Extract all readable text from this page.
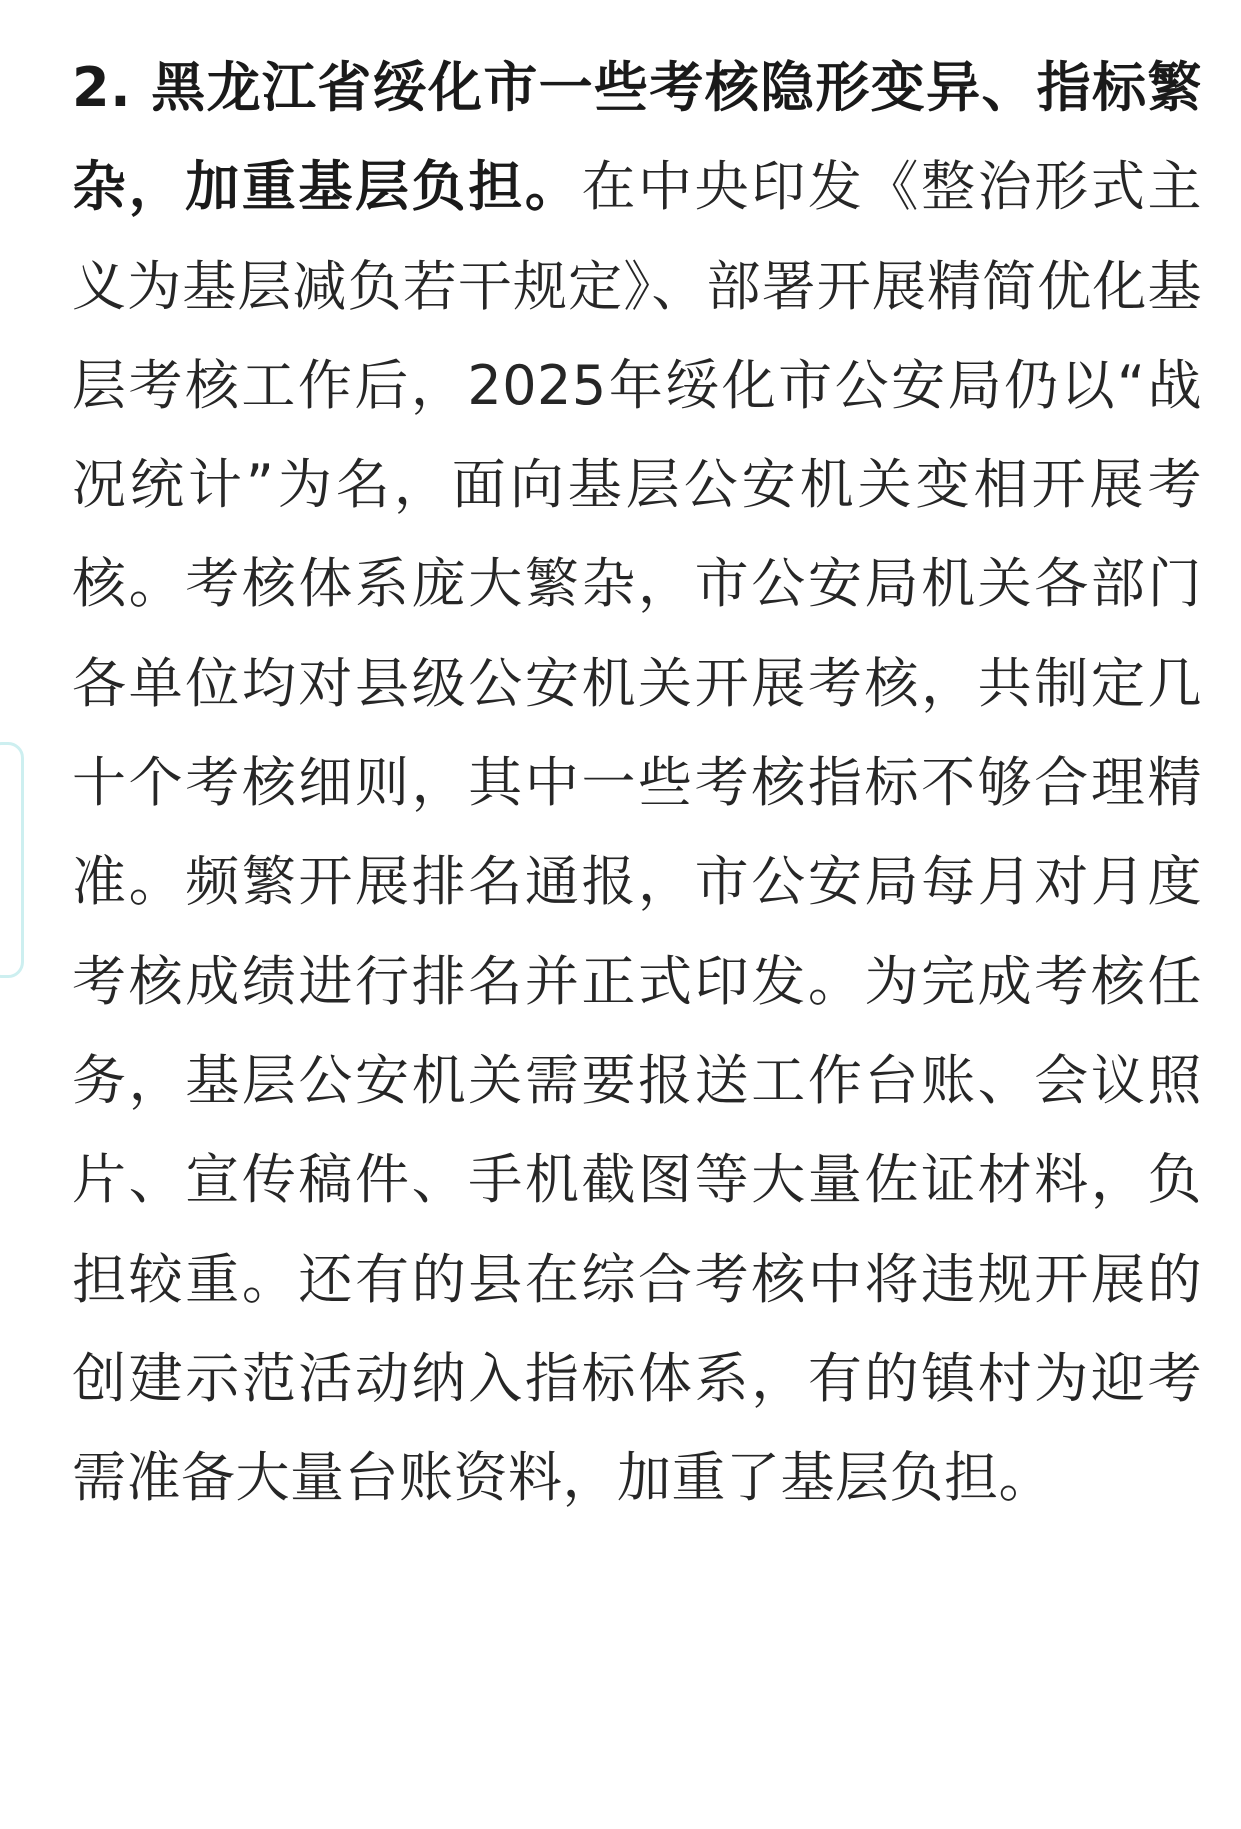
2. 黑龙江省绥化市一些考核隐形变异、指标繁杂，加重基层负担。在中央印发《整治形式主义为基层减负若干规定》、部署开展精简优化基层考核工作后，2025年绥化市公安局仍以“战况统计”为名，面向基层公安机关变相开展考核。考核体系庞大繁杂，市公安局机关各部门各单位均对县级公安机关开展考核，共制定几十个考核细则，其中一些考核指标不够合理精准。频繁开展排名通报，市公安局每月对月度考核成绩进行排名并正式印发。为完成考核任务，基层公安机关需要报送工作台账、会议照片、宣传稿件、手机截图等大量佐证材料，负担较重。还有的县在综合考核中将违规开展的创建示范活动纳入指标体系，有的镇村为迎考需准备大量台账资料，加重了基层负担。
